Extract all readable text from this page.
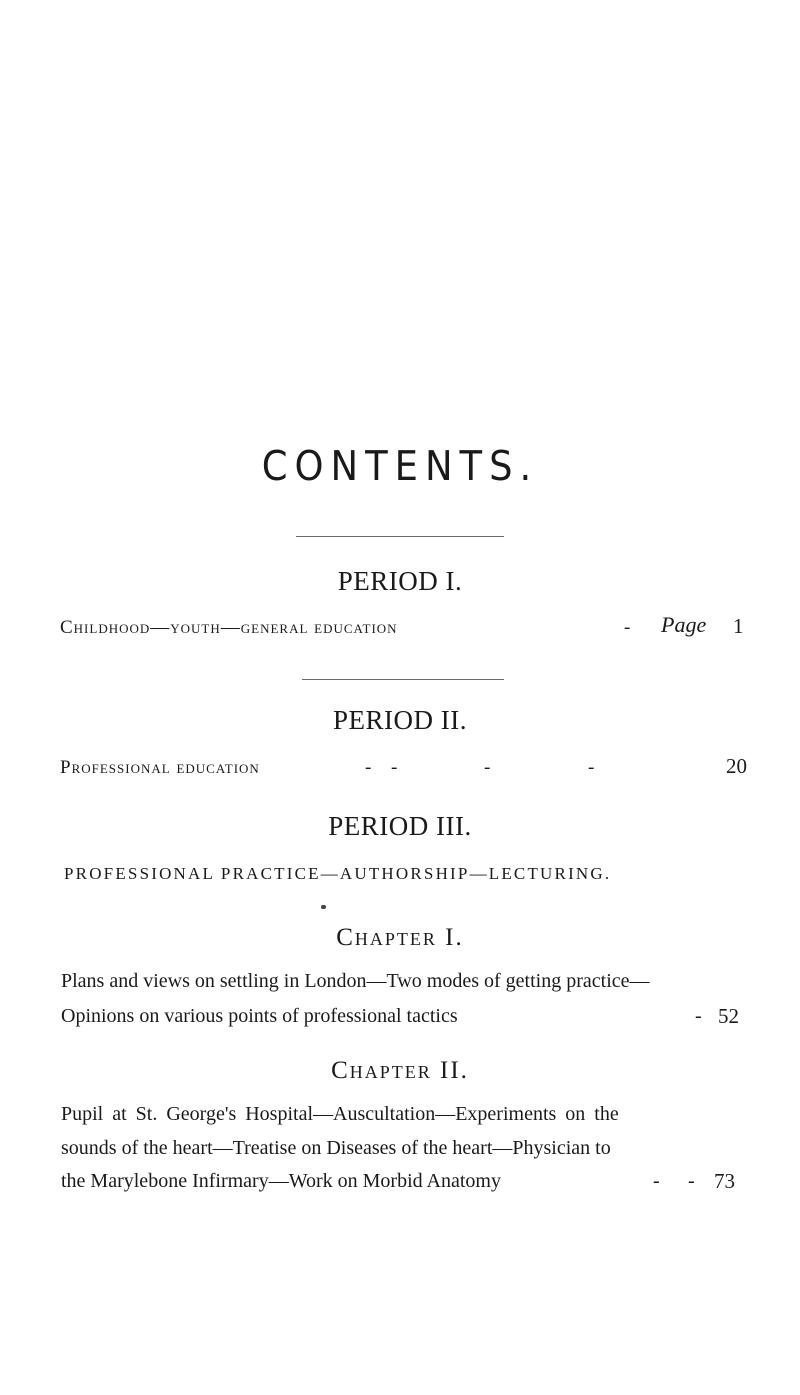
CONTENTS.
PERIOD I.
Childhood—youth—general education	- Page 1
PERIOD II.
Professional education	- -	-	-	20
PERIOD III.
PROFESSIONAL PRACTICE—AUTHORSHIP—LECTURING.
Chapter I.
Plans and views on settling in London—Two modes of getting practice—
Opinions on various points of professional tactics	- 52
Chapter II.
Pupil at St. George's Hospital—Auscultation—Experiments on the
sounds of the heart—Treatise on Diseases of the heart—Physician to
the Marylebone Infirmary—Work on Morbid Anatomy	- - 73
